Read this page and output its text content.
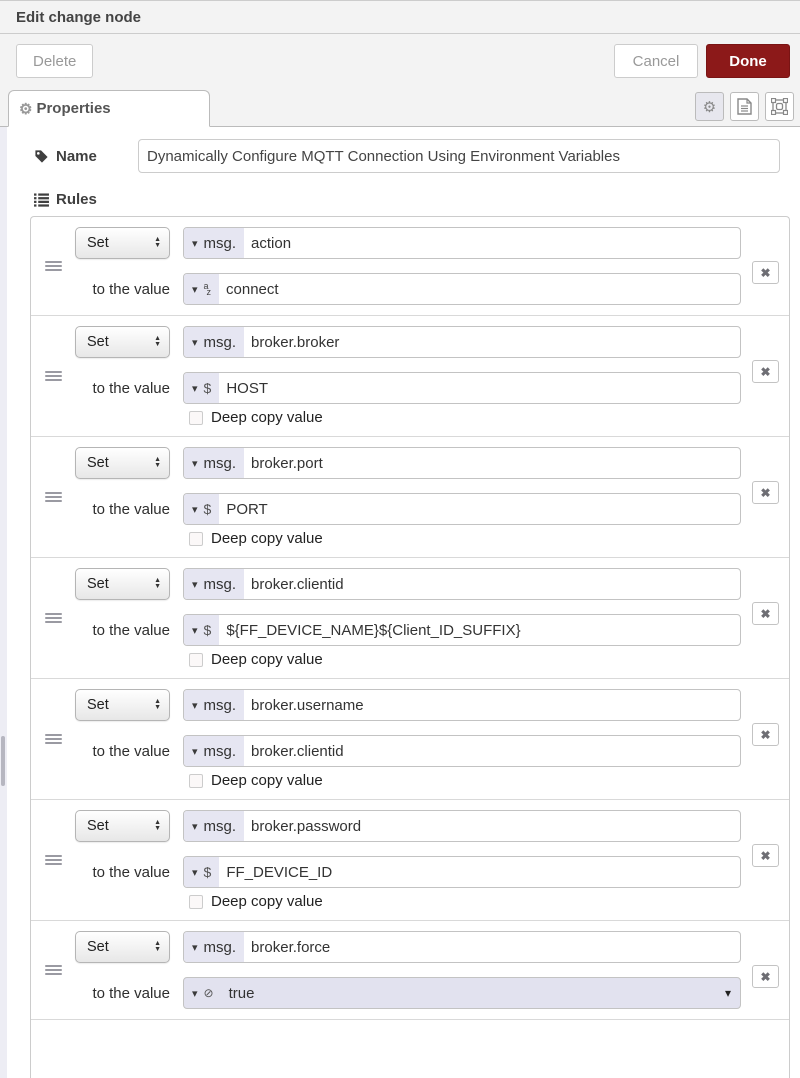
Edit change node
Delete	Cancel	Done
⚙ Properties	⚙
Name
Dynamically Configure MQTT Connection Using Environment Variables
Rules
Set	▲
▼	▾ msg.	action
to the value ▾ a
z	connect
✖
Set	▲
▼	▾ msg.	broker.broker
to the value ▾ $	HOST
Deep copy value
✖
Set	▲
▼	▾ msg.	broker.port
to the value ▾ $	PORT
Deep copy value
✖
Set	▲
▼	▾ msg.	broker.clientid
to the value ▾ $	${FF_DEVICE_NAME}${Client_ID_SUFFIX}
Deep copy value
✖
Set	▲
▼	▾ msg.	broker.username
to the value ▾ msg.	broker.clientid
Deep copy value
✖
Set	▲
▼	▾ msg.	broker.password
to the value ▾ $	FF_DEVICE_ID
Deep copy value
✖
Set	▲
▼	▾ msg.	broker.force
to the value ▾ ⊘	true	▾
✖
